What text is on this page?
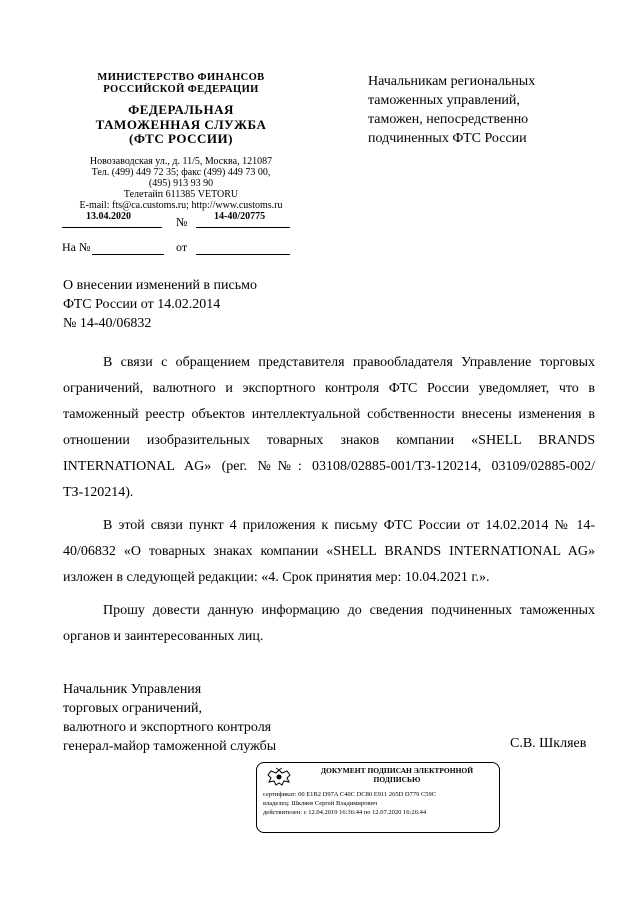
МИНИСТЕРСТВО ФИНАНСОВ
РОССИЙСКОЙ ФЕДЕРАЦИИ
ФЕДЕРАЛЬНАЯ
ТАМОЖЕННАЯ СЛУЖБА
(ФТС РОССИИ)
Новозаводская ул., д. 11/5, Москва, 121087
Тел. (499) 449 72 35; факс (499) 449 73 00,
(495) 913 93 90
Телетайп 611385 VETORU
E-mail: fts@ca.customs.ru; http://www.customs.ru
13.04.2020	№	14-40/20775
На №	от
Начальникам региональных
таможенных управлений,
таможен, непосредственно
подчиненных ФТС России
О внесении изменений в письмо
ФТС России от 14.02.2014
№ 14-40/06832

В связи с обращением представителя правообладателя Управление торговых ограничений, валютного и экспортного контроля ФТС России уведомляет, что в таможенный реестр объектов интеллектуальной собственности внесены изменения в отношении изобразительных товарных знаков компании «SHELL BRANDS INTERNATIONAL AG» (рег. №№: 03108/02885-001/ТЗ-120214, 03109/02885-002/ТЗ-120214).

В этой связи пункт 4 приложения к письму ФТС России от 14.02.2014 № 14-40/06832 «О товарных знаках компании «SHELL BRANDS INTERNATIONAL AG» изложен в следующей редакции: «4. Срок принятия мер: 10.04.2021 г.».

Прошу довести данную информацию до сведения подчиненных таможенных органов и заинтересованных лиц.

Начальник Управления
торговых ограничений,
валютного и экспортного контроля
генерал-майор таможенной службы	С.В. Шкляев
ДОКУМЕНТ ПОДПИСАН ЭЛЕКТРОННОЙ ПОДПИСЬЮ
сертификат: 00 E1B2 D97A C40C DC80 E911 265D D779 C59C
владелец: Шкляев Сергей Владимирович
действителен: с 12.04.2019 16:36:44 по 12.07.2020 16:26:44
